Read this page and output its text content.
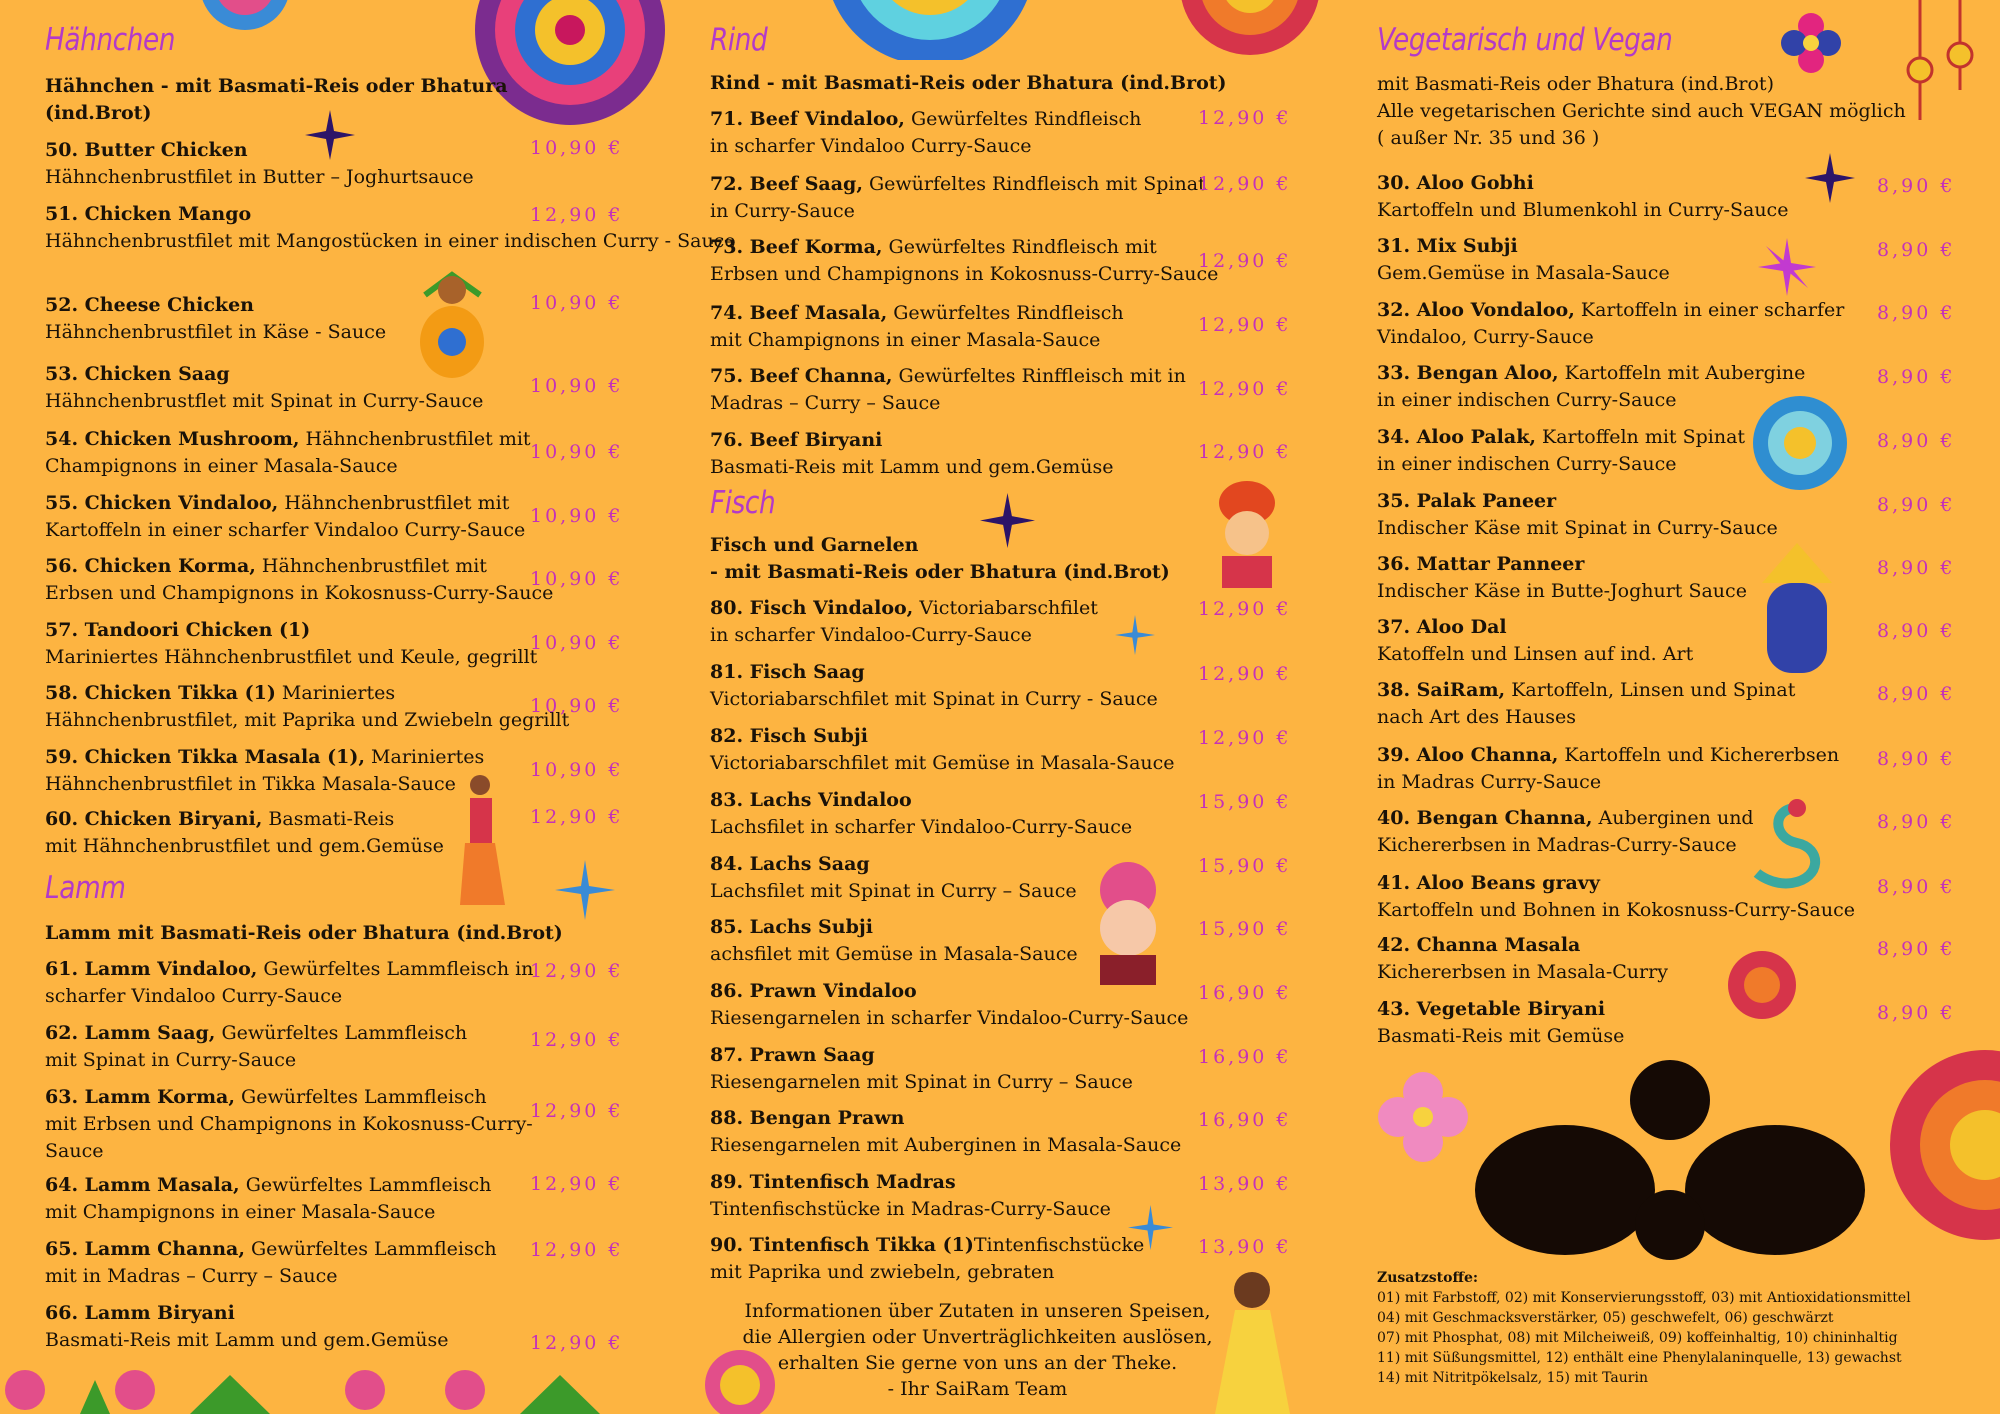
Hähnchen
Hähnchen - mit Basmati-Reis oder Bhatura
(ind.Brot)
50. Butter Chicken
Hähnchenbrustfilet in Butter – Joghurtsauce
10,90 €
51. Chicken Mango
Hähnchenbrustfilet mit Mangostücken in einer indischen Curry - Sauce
12,90 €
52. Cheese Chicken
Hähnchenbrustfilet in Käse - Sauce
10,90 €
53. Chicken Saag
Hähnchenbrustflet mit Spinat in Curry-Sauce
10,90 €
54. Chicken Mushroom, Hähnchenbrustfilet mit
Champignons in einer Masala-Sauce
10,90 €
55. Chicken Vindaloo, Hähnchenbrustfilet mit
Kartoffeln in einer scharfer Vindaloo Curry-Sauce
10,90 €
56. Chicken Korma, Hähnchenbrustfilet mit
Erbsen und Champignons in Kokosnuss-Curry-Sauce
10,90 €
57. Tandoori Chicken (1)
Mariniertes Hähnchenbrustfilet und Keule, gegrillt
10,90 €
58. Chicken Tikka (1) Mariniertes
Hähnchenbrustfilet, mit Paprika und Zwiebeln gegrillt
10,90 €
59. Chicken Tikka Masala (1), Mariniertes
Hähnchenbrustfilet in Tikka Masala-Sauce
10,90 €
60. Chicken Biryani, Basmati-Reis
mit Hähnchenbrustfilet und gem.Gemüse
12,90 €
Lamm
Lamm mit Basmati-Reis oder Bhatura (ind.Brot)
61. Lamm Vindaloo, Gewürfeltes Lammfleisch in
scharfer Vindaloo Curry-Sauce
12,90 €
62. Lamm Saag, Gewürfeltes Lammfleisch
mit Spinat in Curry-Sauce
12,90 €
63. Lamm Korma, Gewürfeltes Lammfleisch
mit Erbsen und Champignons in Kokosnuss-Curry-
Sauce
12,90 €
64. Lamm Masala, Gewürfeltes Lammfleisch
mit Champignons in einer Masala-Sauce
12,90 €
65. Lamm Channa, Gewürfeltes Lammfleisch
mit in Madras – Curry – Sauce
12,90 €
66. Lamm Biryani
Basmati-Reis mit Lamm und gem.Gemüse	12,90 €
Rind
Rind - mit Basmati-Reis oder Bhatura (ind.Brot)
71. Beef Vindaloo, Gewürfeltes Rindfleisch
in scharfer Vindaloo Curry-Sauce
12,90 €
72. Beef Saag, Gewürfeltes Rindfleisch mit Spinat
in Curry-Sauce
12,90 €
73. Beef Korma, Gewürfeltes Rindfleisch mit
Erbsen und Champignons in Kokosnuss-Curry-Sauce
12,90 €
74. Beef Masala, Gewürfeltes Rindfleisch
mit Champignons in einer Masala-Sauce
12,90 €
75. Beef Channa, Gewürfeltes Rinffleisch mit in
Madras – Curry – Sauce
12,90 €
76. Beef Biryani
Basmati-Reis mit Lamm und gem.Gemüse
12,90 €
Fisch
Fisch und Garnelen
- mit Basmati-Reis oder Bhatura (ind.Brot)
80. Fisch Vindaloo, Victoriabarschfilet
in scharfer Vindaloo-Curry-Sauce
12,90 €
81. Fisch Saag
Victoriabarschfilet mit Spinat in Curry - Sauce
12,90 €
82. Fisch Subji
Victoriabarschfilet mit Gemüse in Masala-Sauce
12,90 €
83. Lachs Vindaloo
Lachsfilet in scharfer Vindaloo-Curry-Sauce
15,90 €
84. Lachs Saag
Lachsfilet mit Spinat in Curry – Sauce
15,90 €
85. Lachs Subji
achsfilet mit Gemüse in Masala-Sauce
15,90 €
86. Prawn Vindaloo
Riesengarnelen in scharfer Vindaloo-Curry-Sauce
16,90 €
87. Prawn Saag
Riesengarnelen mit Spinat in Curry – Sauce
16,90 €
88. Bengan Prawn
Riesengarnelen mit Auberginen in Masala-Sauce
16,90 €
89. Tintenfisch Madras
Tintenfischstücke in Madras-Curry-Sauce
13,90 €
90. Tintenfisch Tikka (1)Tintenfischstücke
mit Paprika und zwiebeln, gebraten
13,90 €
Informationen über Zutaten in unseren Speisen,
die Allergien oder Unverträglichkeiten auslösen,
erhalten Sie gerne von uns an der Theke.
- Ihr SaiRam Team
Vegetarisch und Vegan
mit Basmati-Reis oder Bhatura (ind.Brot)
Alle vegetarischen Gerichte sind auch VEGAN möglich
( außer Nr. 35 und 36 )
30. Aloo Gobhi
Kartoffeln und Blumenkohl in Curry-Sauce
8,90 €
31. Mix Subji
Gem.Gemüse in Masala-Sauce
8,90 €
32. Aloo Vondaloo, Kartoffeln in einer scharfer
Vindaloo, Curry-Sauce
8,90 €
33. Bengan Aloo, Kartoffeln mit Aubergine
in einer indischen Curry-Sauce
8,90 €
34. Aloo Palak, Kartoffeln mit Spinat
in einer indischen Curry-Sauce
8,90 €
35. Palak Paneer
Indischer Käse mit Spinat in Curry-Sauce
8,90 €
36. Mattar Panneer
Indischer Käse in Butte-Joghurt Sauce
8,90 €
37. Aloo Dal
Katoffeln und Linsen auf ind. Art
8,90 €
38. SaiRam, Kartoffeln, Linsen und Spinat
nach Art des Hauses
8,90 €
39. Aloo Channa, Kartoffeln und Kichererbsen
in Madras Curry-Sauce
8,90 €
40. Bengan Channa, Auberginen und
Kichererbsen in Madras-Curry-Sauce
8,90 €
41. Aloo Beans gravy
Kartoffeln und Bohnen in Kokosnuss-Curry-Sauce
8,90 €
42. Channa Masala
Kichererbsen in Masala-Curry
8,90 €
43. Vegetable Biryani
Basmati-Reis mit Gemüse
8,90 €
Zusatzstoffe:
01) mit Farbstoff, 02) mit Konservierungsstoff, 03) mit Antioxidationsmittel
04) mit Geschmacksverstärker, 05) geschwefelt, 06) geschwärzt
07) mit Phosphat, 08) mit Milcheiweiß, 09) koffeinhaltig, 10) chininhaltig
11) mit Süßungsmittel, 12) enthält eine Phenylalaninquelle, 13) gewachst
14) mit Nitritpökelsalz, 15) mit Taurin
